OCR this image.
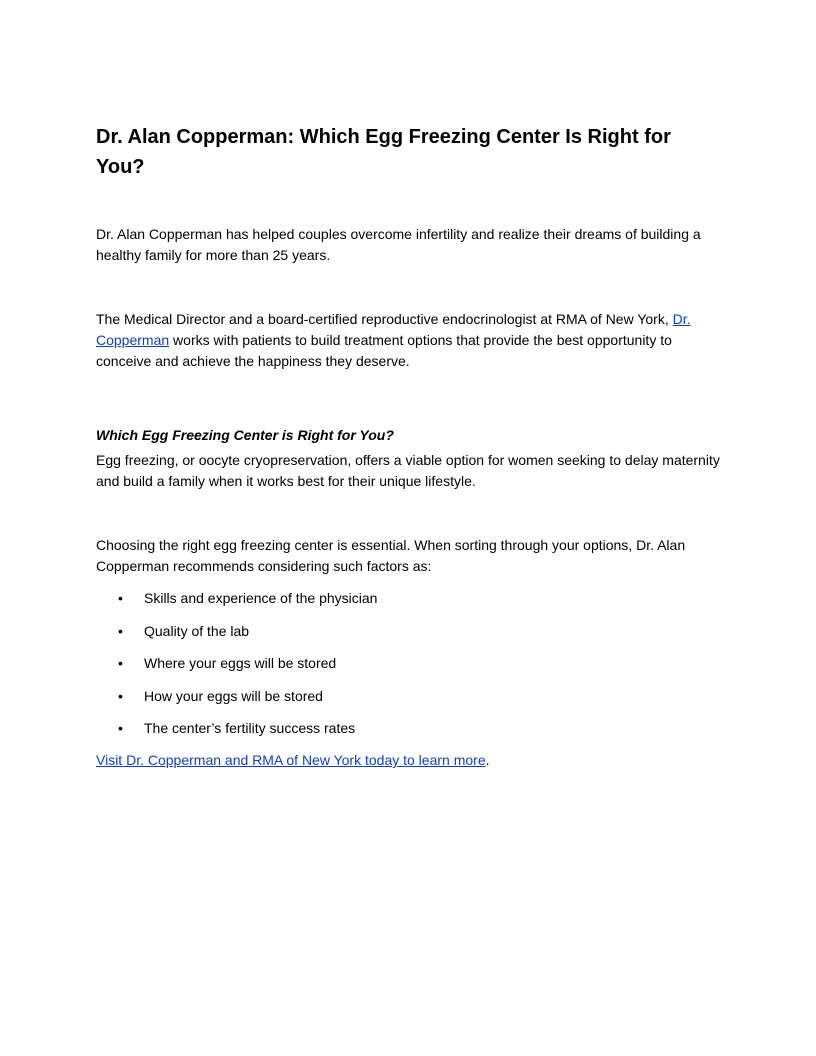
Dr. Alan Copperman: Which Egg Freezing Center Is Right for You?

Dr. Alan Copperman has helped couples overcome infertility and realize their dreams of building a healthy family for more than 25 years.

The Medical Director and a board-certified reproductive endocrinologist at RMA of New York, Dr. Copperman works with patients to build treatment options that provide the best opportunity to conceive and achieve the happiness they deserve.

Which Egg Freezing Center is Right for You?

Egg freezing, or oocyte cryopreservation, offers a viable option for women seeking to delay maternity and build a family when it works best for their unique lifestyle.

Choosing the right egg freezing center is essential. When sorting through your options, Dr. Alan Copperman recommends considering such factors as:

• Skills and experience of the physician
• Quality of the lab
• Where your eggs will be stored
• How your eggs will be stored
• The center’s fertility success rates

Visit Dr. Copperman and RMA of New York today to learn more.
